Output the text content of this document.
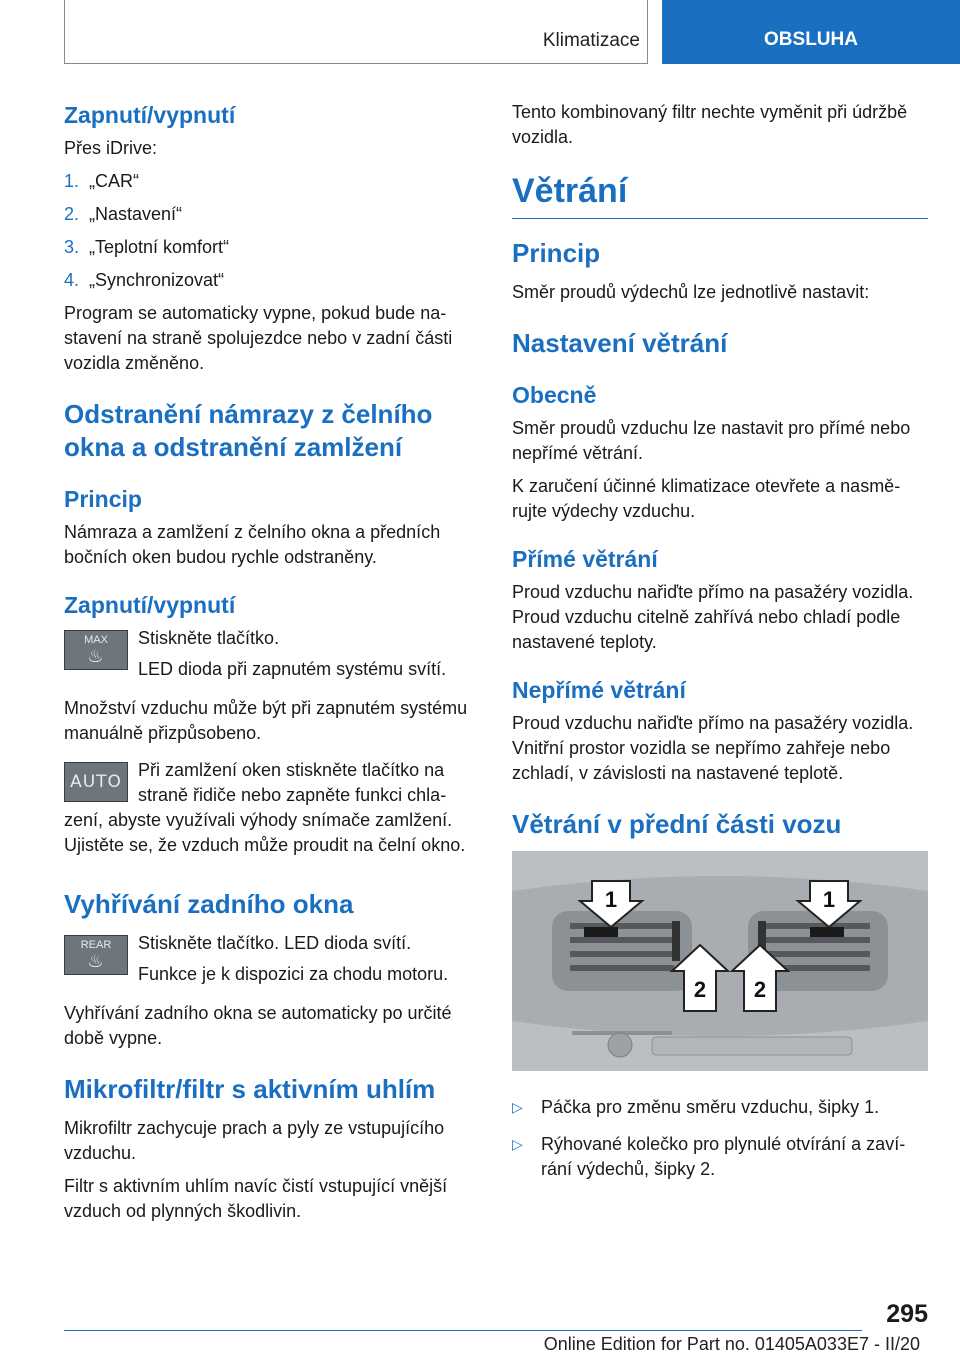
Klimatizace	OBSLUHA
Zapnutí/vypnutí

Přes iDrive:

1. „CAR“
2. „Nastavení“
3. „Teplotní komfort“
4. „Synchronizovat“

Program se automaticky vypne, pokud bude nastavení na straně spolujezdce nebo v zadní části vozidla změněno.

Odstranění námrazy z čelního okna a odstranění zamlžení
Princip

Námraza a zamlžení z čelního okna a předních bočních oken budou rychle odstraněny.

Zapnutí/vypnutí
MAX
♨

Stiskněte tlačítko.

LED dioda při zapnutém systému svítí.

Množství vzduchu může být při zapnutém systému manuálně přizpůsobeno.

AUTO

Při zamlžení oken stiskněte tlačítko na straně řidiče nebo zapněte funkci chlazení, abyste využívali výhody snímače zamlžení. Ujistěte se, že vzduch může proudit na čelní okno.

Vyhřívání zadního okna
REAR
♨

Stiskněte tlačítko. LED dioda svítí.

Funkce je k dispozici za chodu motoru.

Vyhřívání zadního okna se automaticky po určité době vypne.

Mikrofiltr/filtr s aktivním uhlím

Mikrofiltr zachycuje prach a pyly ze vstupujícího vzduchu.

Filtr s aktivním uhlím navíc čistí vstupující vnější vzduch od plynných škodlivin.

Tento kombinovaný filtr nechte vyměnit při údržbě vozidla.

Větrání
Princip

Směr proudů výdechů lze jednotlivě nastavit:

Nastavení větrání
Obecně

Směr proudů vzduchu lze nastavit pro přímé nebo nepřímé větrání.

K zaručení účinné klimatizace otevřete a nasměrujte výdechy vzduchu.

Přímé větrání

Proud vzduchu nařiďte přímo na pasažéry vozidla. Proud vzduchu citelně zahřívá nebo chladí podle nastavené teploty.

Nepřímé větrání

Proud vzduchu nařiďte přímo na pasažéry vozidla. Vnitřní prostor vozidla se nepřímo zahřeje nebo zchladí, v závislosti na nastavené teplotě.

Větrání v přední části vozu
1	1
2 2
▷	Páčka pro změnu směru vzduchu, šipky 1.
▷	Rýhované kolečko pro plynulé otvírání a zavírání výdechů, šipky 2.
295
Online Edition for Part no. 01405A033E7 - II/20
